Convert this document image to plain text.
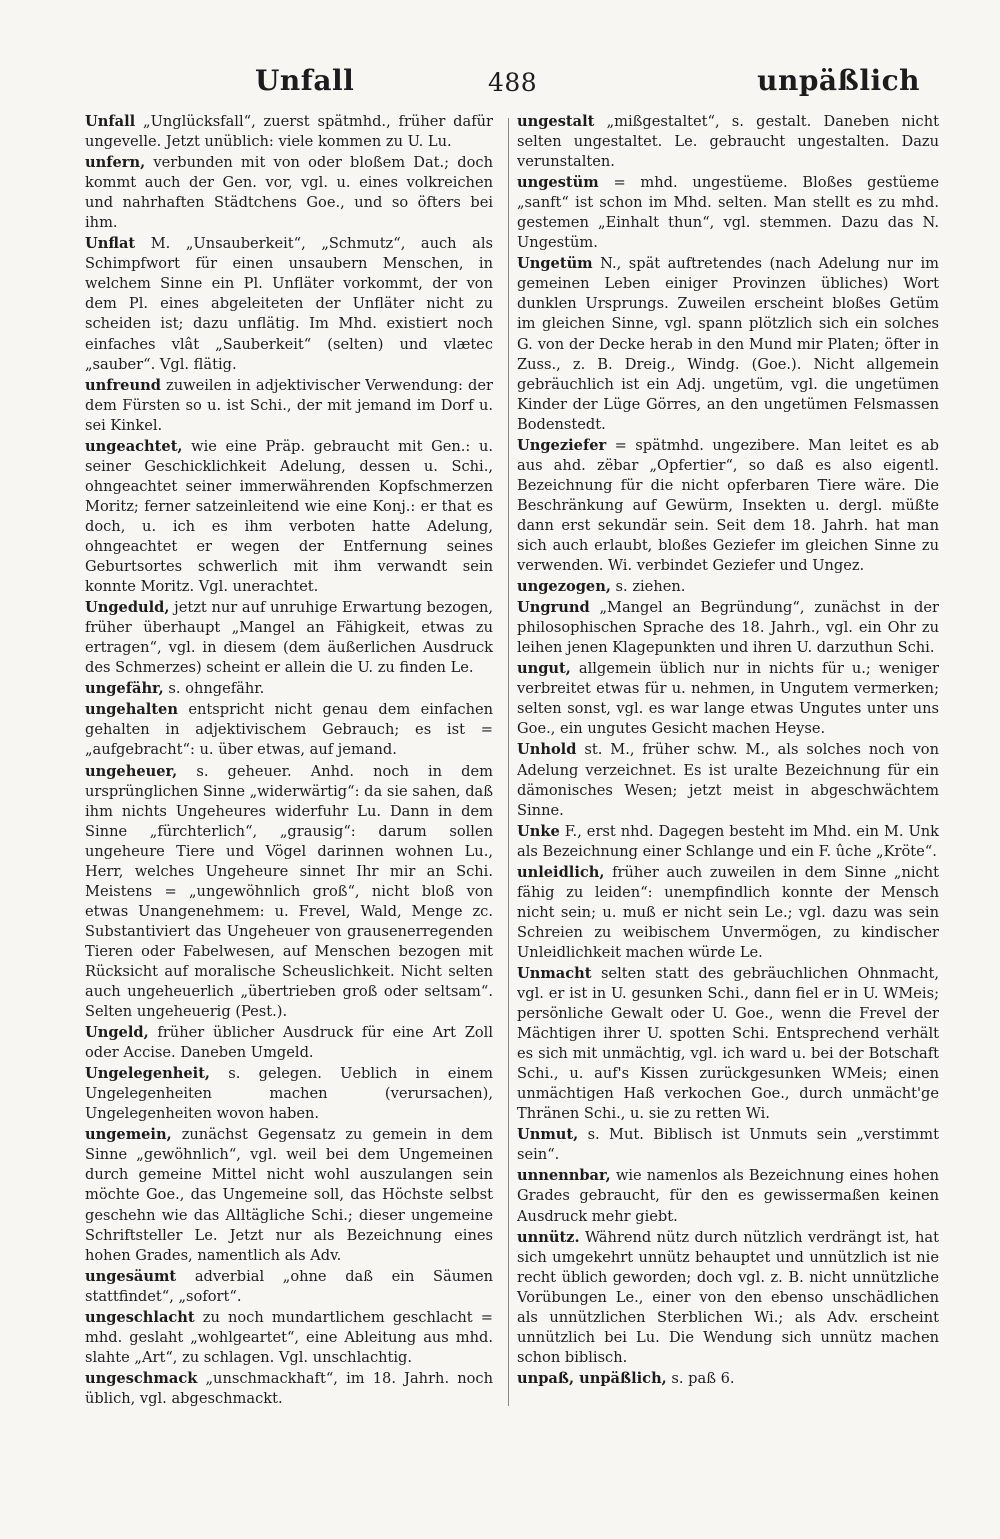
Unfall	488	unpäßlich

Unfall „Unglücksfall“, zuerst spätmhd., früher dafür ungevelle. Jetzt unüblich: viele kommen zu U. Lu.

unfern, verbunden mit von oder bloßem Dat.; doch kommt auch der Gen. vor, vgl. u. eines volkreichen und nahrhaften Städtchens Goe., und so öfters bei ihm.

Unflat M. „Unsauberkeit“, „Schmutz“, auch als Schimpfwort für einen unsaubern Menschen, in welchem Sinne ein Pl. Unfläter vorkommt, der von dem Pl. eines abgeleiteten der Unfläter nicht zu scheiden ist; dazu unflätig. Im Mhd. existiert noch einfaches vlât „Sauberkeit“ (selten) und vlætec „sauber“. Vgl. flätig.

unfreund zuweilen in adjektivischer Verwendung: der dem Fürsten so u. ist Schi., der mit jemand im Dorf u. sei Kinkel.

ungeachtet, wie eine Präp. gebraucht mit Gen.: u. seiner Geschicklichkeit Adelung, dessen u. Schi., ohngeachtet seiner immerwährenden Kopfschmerzen Moritz; ferner satzeinleitend wie eine Konj.: er that es doch, u. ich es ihm verboten hatte Adelung, ohngeachtet er wegen der Entfernung seines Geburtsortes schwerlich mit ihm verwandt sein konnte Moritz. Vgl. unerachtet.

Ungeduld, jetzt nur auf unruhige Erwartung bezogen, früher überhaupt „Mangel an Fähigkeit, etwas zu ertragen“, vgl. in diesem (dem äußerlichen Ausdruck des Schmerzes) scheint er allein die U. zu finden Le.

ungefähr, s. ohngefähr.

ungehalten entspricht nicht genau dem einfachen gehalten in adjektivischem Gebrauch; es ist = „aufgebracht“: u. über etwas, auf jemand.

ungeheuer, s. geheuer. Anhd. noch in dem ursprünglichen Sinne „widerwärtig“: da sie sahen, daß ihm nichts Ungeheures widerfuhr Lu. Dann in dem Sinne „fürchterlich“, „grausig“: darum sollen ungeheure Tiere und Vögel darinnen wohnen Lu., Herr, welches Ungeheure sinnet Ihr mir an Schi. Meistens = „ungewöhnlich groß“, nicht bloß von etwas Unangenehmem: u. Frevel, Wald, Menge zc. Substantiviert das Ungeheuer von grausenerregenden Tieren oder Fabelwesen, auf Menschen bezogen mit Rücksicht auf moralische Scheuslichkeit. Nicht selten auch ungeheuerlich „übertrieben groß oder seltsam“. Selten ungeheuerig (Pest.).

Ungeld, früher üblicher Ausdruck für eine Art Zoll oder Accise. Daneben Umgeld.

Ungelegenheit, s. gelegen. Ueblich in einem Ungelegenheiten machen (verursachen), Ungelegenheiten wovon haben.

ungemein, zunächst Gegensatz zu gemein in dem Sinne „gewöhnlich“, vgl. weil bei dem Ungemeinen durch gemeine Mittel nicht wohl auszulangen sein möchte Goe., das Ungemeine soll, das Höchste selbst geschehn wie das Alltägliche Schi.; dieser ungemeine Schriftsteller Le. Jetzt nur als Bezeichnung eines hohen Grades, namentlich als Adv.

ungesäumt adverbial „ohne daß ein Säumen stattfindet“, „sofort“.

ungeschlacht zu noch mundartlichem geschlacht = mhd. geslaht „wohlgeartet“, eine Ableitung aus mhd. slahte „Art“, zu schlagen. Vgl. unschlachtig.

ungeschmack „unschmackhaft“, im 18. Jahrh. noch üblich, vgl. abgeschmackt.

ungestalt „mißgestaltet“, s. gestalt. Daneben nicht selten ungestaltet. Le. gebraucht ungestalten. Dazu verunstalten.

ungestüm = mhd. ungestüeme. Bloßes gestüeme „sanft“ ist schon im Mhd. selten. Man stellt es zu mhd. gestemen „Einhalt thun“, vgl. stemmen. Dazu das N. Ungestüm.

Ungetüm N., spät auftretendes (nach Adelung nur im gemeinen Leben einiger Provinzen übliches) Wort dunklen Ursprungs. Zuweilen erscheint bloßes Getüm im gleichen Sinne, vgl. spann plötzlich sich ein solches G. von der Decke herab in den Mund mir Platen; öfter in Zuss., z. B. Dreig., Windg. (Goe.). Nicht allgemein gebräuchlich ist ein Adj. ungetüm, vgl. die ungetümen Kinder der Lüge Görres, an den ungetümen Felsmassen Bodenstedt.

Ungeziefer = spätmhd. ungezibere. Man leitet es ab aus ahd. zëbar „Opfertier“, so daß es also eigentl. Bezeichnung für die nicht opferbaren Tiere wäre. Die Beschränkung auf Gewürm, Insekten u. dergl. müßte dann erst sekundär sein. Seit dem 18. Jahrh. hat man sich auch erlaubt, bloßes Geziefer im gleichen Sinne zu verwenden. Wi. verbindet Geziefer und Ungez.

ungezogen, s. ziehen.

Ungrund „Mangel an Begründung“, zunächst in der philosophischen Sprache des 18. Jahrh., vgl. ein Ohr zu leihen jenen Klagepunkten und ihren U. darzuthun Schi.

ungut, allgemein üblich nur in nichts für u.; weniger verbreitet etwas für u. nehmen, in Ungutem vermerken; selten sonst, vgl. es war lange etwas Ungutes unter uns Goe., ein ungutes Gesicht machen Heyse.

Unhold st. M., früher schw. M., als solches noch von Adelung verzeichnet. Es ist uralte Bezeichnung für ein dämonisches Wesen; jetzt meist in abgeschwächtem Sinne.

Unke F., erst nhd. Dagegen besteht im Mhd. ein M. Unk als Bezeichnung einer Schlange und ein F. ûche „Kröte“.

unleidlich, früher auch zuweilen in dem Sinne „nicht fähig zu leiden“: unempfindlich konnte der Mensch nicht sein; u. muß er nicht sein Le.; vgl. dazu was sein Schreien zu weibischem Unvermögen, zu kindischer Unleidlichkeit machen würde Le.

Unmacht selten statt des gebräuchlichen Ohnmacht, vgl. er ist in U. gesunken Schi., dann fiel er in U. WMeis; persönliche Gewalt oder U. Goe., wenn die Frevel der Mächtigen ihrer U. spotten Schi. Entsprechend verhält es sich mit unmächtig, vgl. ich ward u. bei der Botschaft Schi., u. auf's Kissen zurückgesunken WMeis; einen unmächtigen Haß verkochen Goe., durch unmächt'ge Thränen Schi., u. sie zu retten Wi.

Unmut, s. Mut. Biblisch ist Unmuts sein „verstimmt sein“.

unnennbar, wie namenlos als Bezeichnung eines hohen Grades gebraucht, für den es gewissermaßen keinen Ausdruck mehr giebt.

unnütz. Während nütz durch nützlich verdrängt ist, hat sich umgekehrt unnütz behauptet und unnützlich ist nie recht üblich geworden; doch vgl. z. B. nicht unnützliche Vorübungen Le., einer von den ebenso unschädlichen als unnützlichen Sterblichen Wi.; als Adv. erscheint unnützlich bei Lu. Die Wendung sich unnütz machen schon biblisch.

unpaß, unpäßlich, s. paß 6.
